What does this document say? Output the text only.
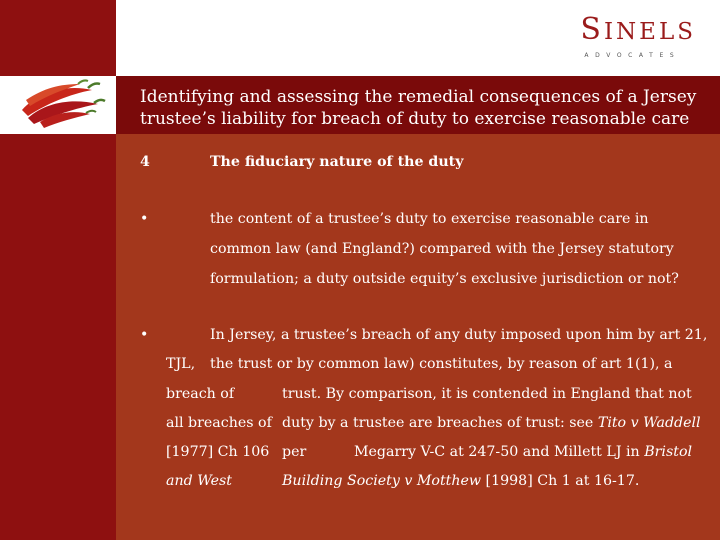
SINELS
ADVOCATES
Identifying and assessing the remedial consequences of a Jersey trustee’s liability for breach of duty to exercise reasonable care
4	The fiduciary nature of the duty
•	the content of a trustee’s duty to exercise reasonable care in
common law (and England?) compared with the Jersey statutory
formulation; a duty outside equity’s exclusive jurisdiction or not?
•	In Jersey, a trustee’s breach of any duty imposed upon him by art 21,
TJL, the trust or by common law) constitutes, by reason of art 1(1), a
breach of	trust. By comparison, it is contended in England that not
all breaches of duty by a trustee are breaches of trust: see Tito v Waddell
[1977] Ch 106 per	Megarry V-C at 247-50 and Millett LJ in Bristol
and West	Building Society v Motthew [1998] Ch 1 at 16-17.
